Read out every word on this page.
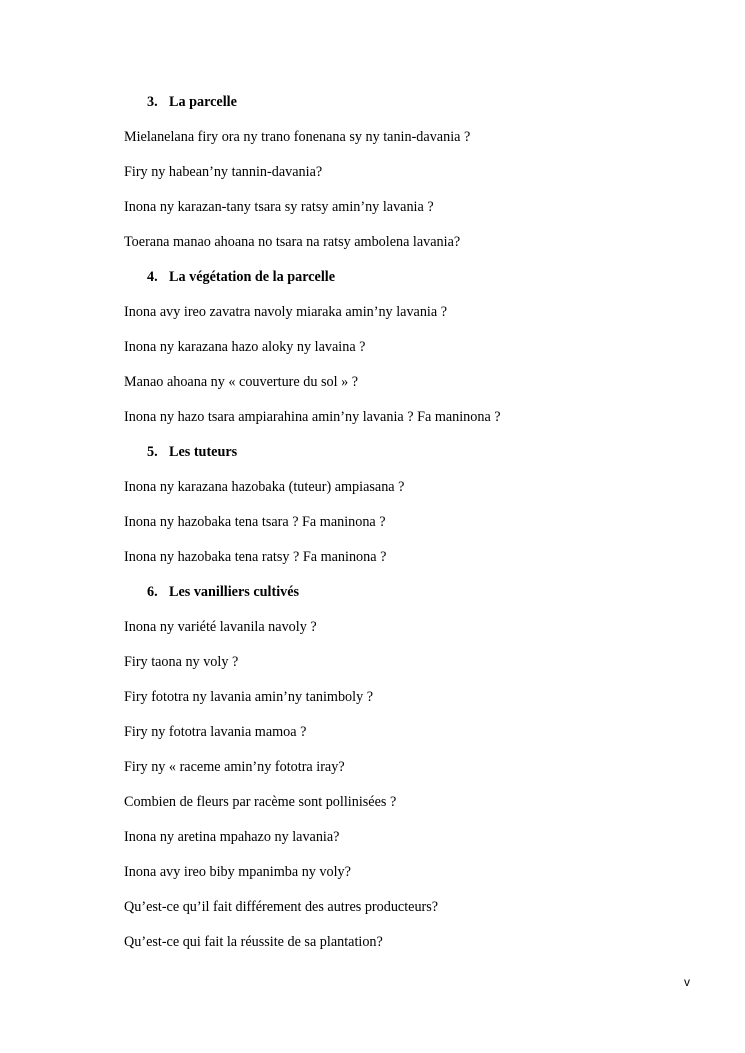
3. La parcelle
Mielanelana firy ora ny trano fonenana sy ny tanin-davania ?
Firy ny habean’ny tannin-davania?
Inona ny karazan-tany tsara sy ratsy amin’ny lavania ?
Toerana manao ahoana no tsara na ratsy ambolena lavania?
4. La végétation de la parcelle
Inona avy ireo zavatra navoly miaraka amin’ny lavania ?
Inona ny karazana hazo aloky ny lavaina ?
Manao ahoana ny « couverture du sol » ?
Inona ny hazo tsara ampiarahina amin’ny lavania ? Fa maninona ?
5. Les tuteurs
Inona ny karazana hazobaka (tuteur) ampiasana ?
Inona ny hazobaka tena tsara ? Fa maninona ?
Inona ny hazobaka tena ratsy ? Fa maninona ?
6. Les vanilliers cultivés
Inona ny variété lavanila navoly ?
Firy taona ny voly ?
Firy fototra ny lavania amin’ny tanimboly ?
Firy ny fototra lavania mamoa ?
Firy ny « raceme amin’ny fototra iray?
Combien de fleurs par racème sont pollinisées ?
Inona ny aretina mpahazo ny lavania?
Inona avy ireo biby mpanimba ny voly?
Qu’est-ce qu’il fait différement des autres producteurs?
Qu’est-ce qui fait la réussite de sa plantation?
v
